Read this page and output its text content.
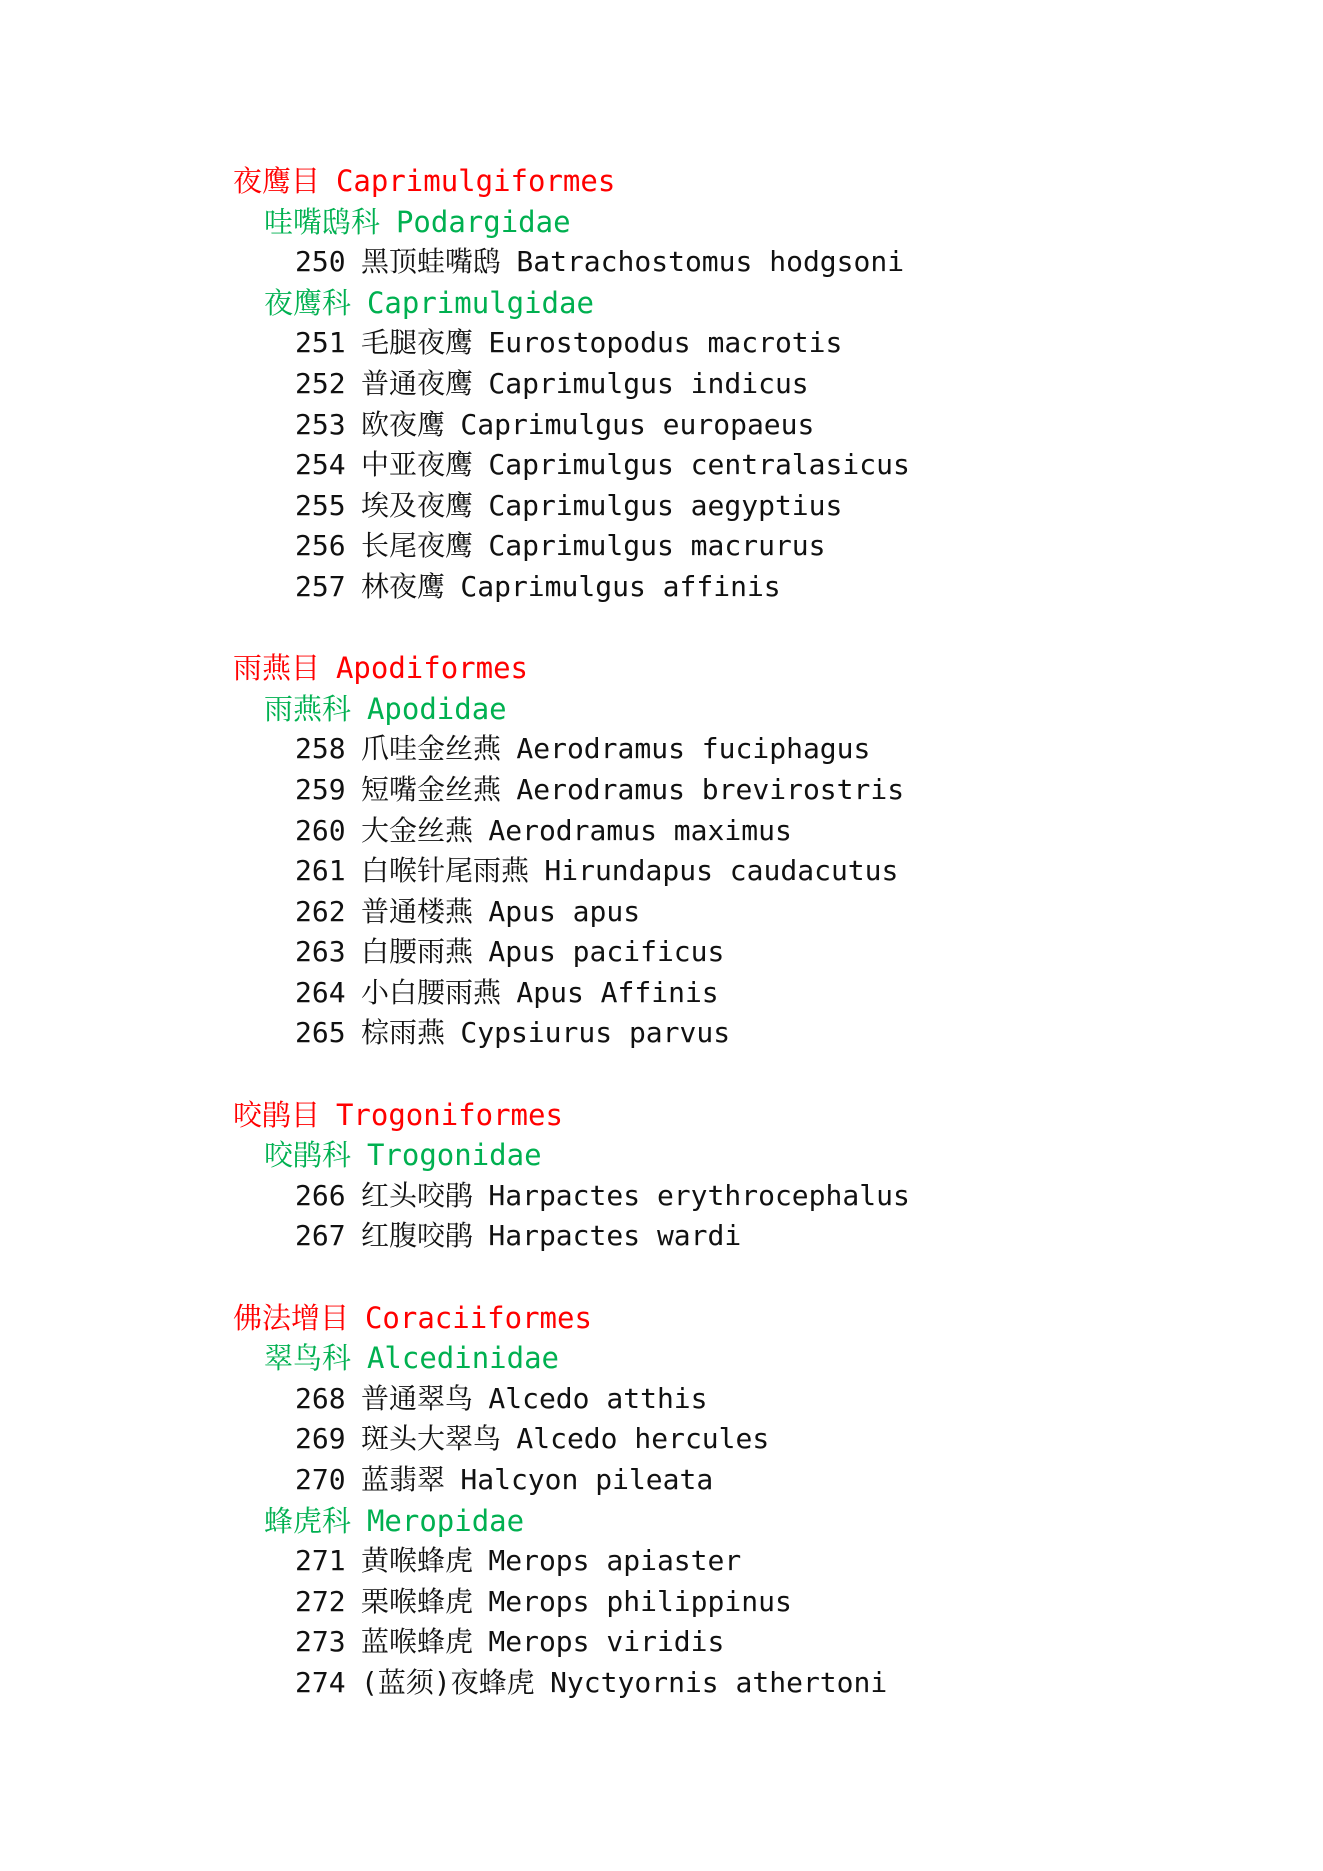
夜鹰目 Caprimulgiformes
哇嘴鸱科 Podargidae
250 黑顶蛙嘴鸱 Batrachostomus hodgsoni
夜鹰科 Caprimulgidae
251 毛腿夜鹰 Eurostopodus macrotis
252 普通夜鹰 Caprimulgus indicus
253 欧夜鹰 Caprimulgus europaeus
254 中亚夜鹰 Caprimulgus centralasicus
255 埃及夜鹰 Caprimulgus aegyptius
256 长尾夜鹰 Caprimulgus macrurus
257 林夜鹰 Caprimulgus affinis
雨燕目 Apodiformes
雨燕科 Apodidae
258 爪哇金丝燕 Aerodramus fuciphagus
259 短嘴金丝燕 Aerodramus brevirostris
260 大金丝燕 Aerodramus maximus
261 白喉针尾雨燕 Hirundapus caudacutus
262 普通楼燕 Apus apus
263 白腰雨燕 Apus pacificus
264 小白腰雨燕 Apus Affinis
265 棕雨燕 Cypsiurus parvus
咬鹃目 Trogoniformes
咬鹃科 Trogonidae
266 红头咬鹃 Harpactes erythrocephalus
267 红腹咬鹃 Harpactes wardi
佛法增目 Coraciiformes
翠鸟科 Alcedinidae
268 普通翠鸟 Alcedo atthis
269 斑头大翠鸟 Alcedo hercules
270 蓝翡翠 Halcyon pileata
蜂虎科 Meropidae
271 黄喉蜂虎 Merops apiaster
272 栗喉蜂虎 Merops philippinus
273 蓝喉蜂虎 Merops viridis
274 (蓝须)夜蜂虎 Nyctyornis athertoni
